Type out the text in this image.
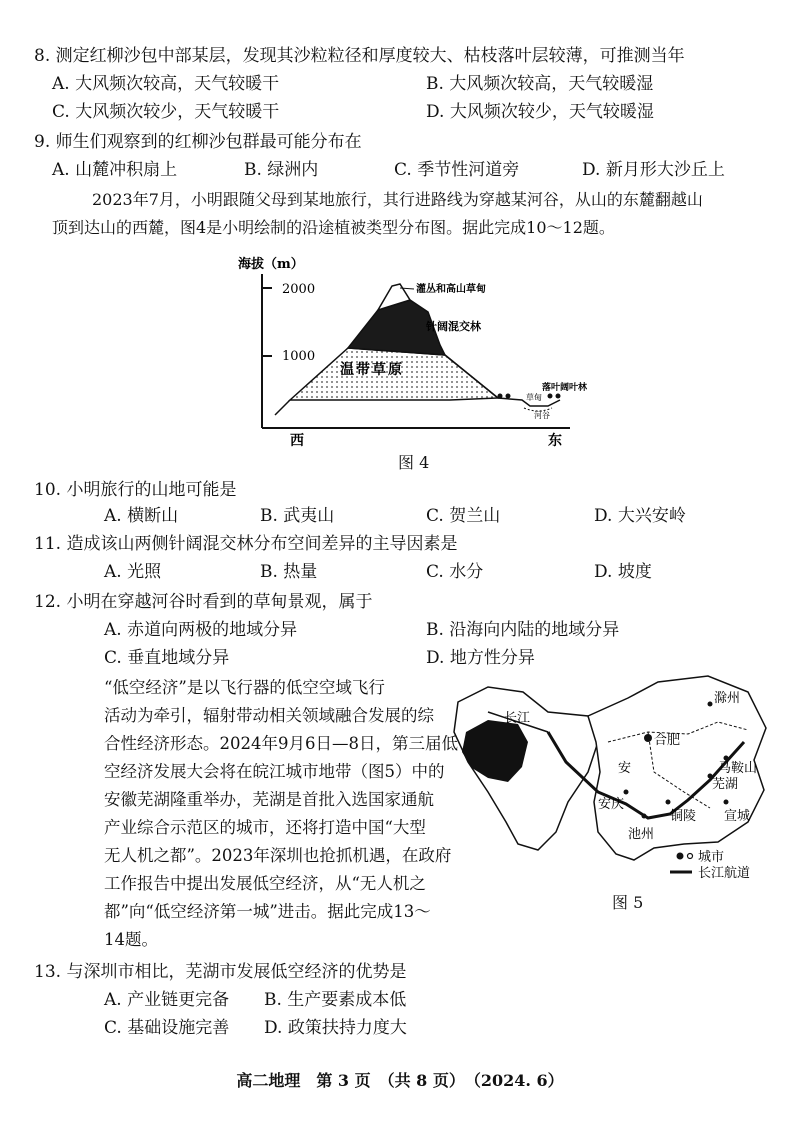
8. 测定红柳沙包中部某层，发现其沙粒粒径和厚度较大、枯枝落叶层较薄，可推测当年
A. 大风频次较高，天气较暖干	B. 大风频次较高，天气较暖湿
C. 大风频次较少，天气较暖干	D. 大风频次较少，天气较暖湿
9. 师生们观察到的红柳沙包群最可能分布在
A. 山麓冲积扇上	B. 绿洲内	C. 季节性河道旁	D. 新月形大沙丘上
2023年7月，小明跟随父母到某地旅行，其行进路线为穿越某河谷，从山的东麓翻越山
顶到达山的西麓，图4是小明绘制的沿途植被类型分布图。据此完成10～12题。
海拔（m）
2000
1000
灌丛和高山草甸
针阔混交林
温带草原
草甸
落叶阔叶林
河谷
西	东
图 4
10. 小明旅行的山地可能是
A. 横断山	B. 武夷山	C. 贺兰山	D. 大兴安岭
11. 造成该山两侧针阔混交林分布空间差异的主导因素是
A. 光照	B. 热量	C. 水分	D. 坡度
12. 小明在穿越河谷时看到的草甸景观，属于
A. 赤道向两极的地域分异	B. 沿海向内陆的地域分异
C. 垂直地域分异	D. 地方性分异
“低空经济”是以飞行器的低空空域飞行
活动为牵引，辐射带动相关领域融合发展的综
合性经济形态。2024年9月6日—8日，第三届低
空经济发展大会将在皖江城市地带（图5）中的
安徽芜湖隆重举办，芜湖是首批入选国家通航
产业综合示范区的城市，还将打造中国“大型
无人机之都”。2023年深圳也抢抓机遇，在政府
工作报告中提出发展低空经济，从“无人机之
都”向“低空经济第一城”进击。据此完成13～
14题。
滁州
合肥
马鞍山
芜湖
安庆
铜陵 宣城
池州
长江
安
城市
长江航道
图 5
13. 与深圳市相比，芜湖市发展低空经济的优势是
A. 产业链更完备 B. 生产要素成本低
C. 基础设施完善 D. 政策扶持力度大
高二地理　第 3 页　（共 8 页）　（2024. 6）
